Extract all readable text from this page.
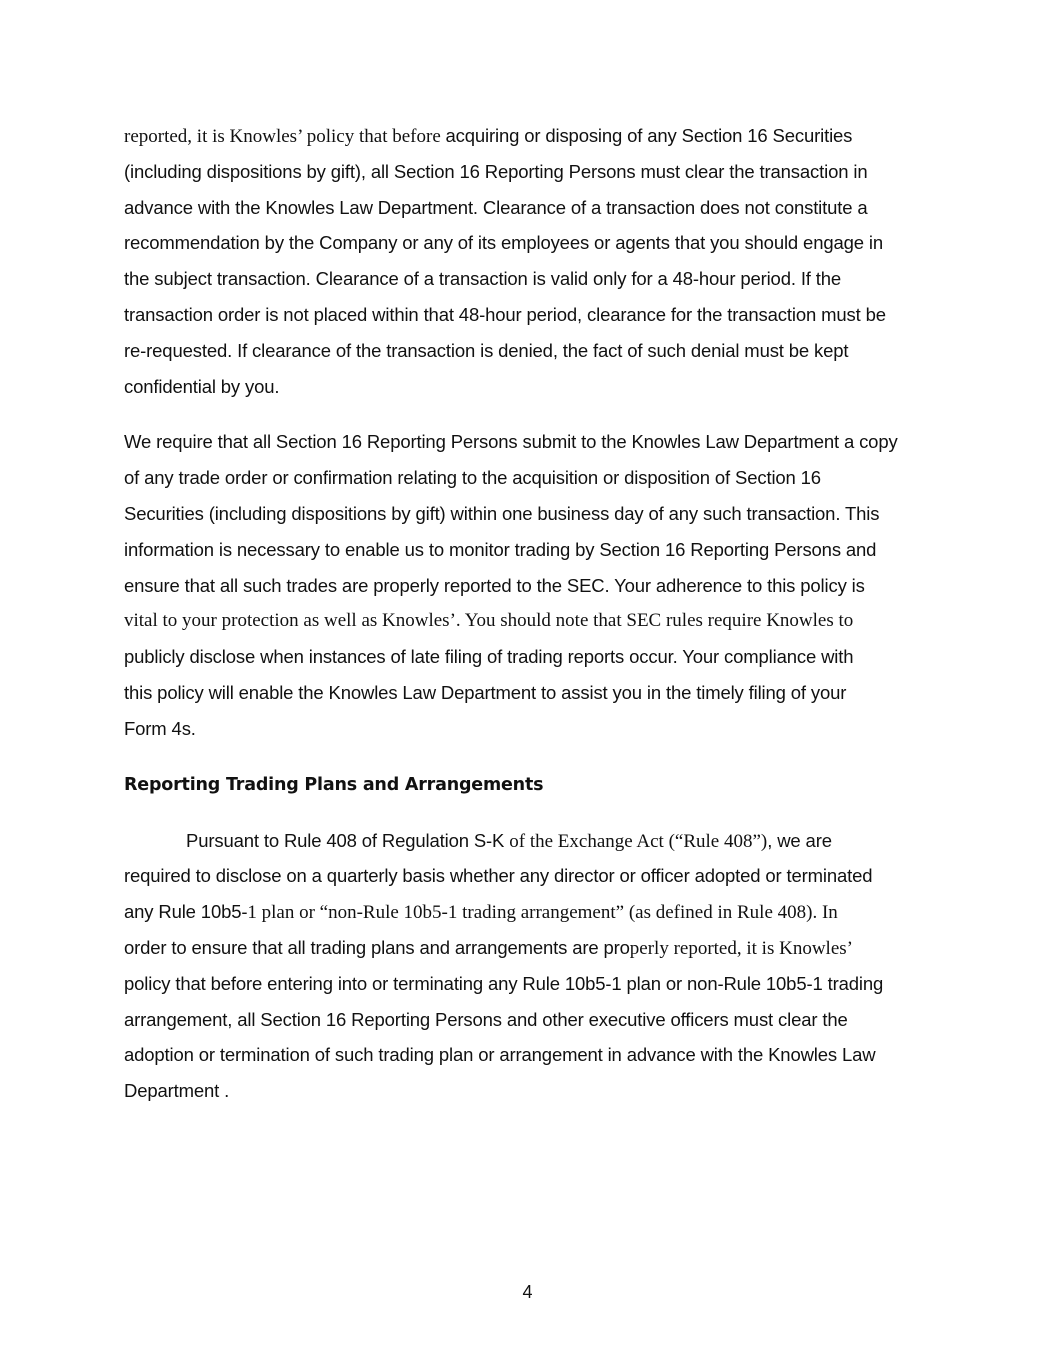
reported, it is Knowles’ policy that before acquiring or disposing of any Section 16 Securities
(including dispositions by gift), all Section 16 Reporting Persons must clear the transaction in
advance with the Knowles Law Department. Clearance of a transaction does not constitute a
recommendation by the Company or any of its employees or agents that you should engage in
the subject transaction. Clearance of a transaction is valid only for a 48-hour period. If the
transaction order is not placed within that 48-hour period, clearance for the transaction must be
re-requested. If clearance of the transaction is denied, the fact of such denial must be kept
confidential by you.

We require that all Section 16 Reporting Persons submit to the Knowles Law Department a copy
of any trade order or confirmation relating to the acquisition or disposition of Section 16
Securities (including dispositions by gift) within one business day of any such transaction. This
information is necessary to enable us to monitor trading by Section 16 Reporting Persons and
ensure that all such trades are properly reported to the SEC. Your adherence to this policy is
vital to your protection as well as Knowles’. You should note that SEC rules require Knowles to
publicly disclose when instances of late filing of trading reports occur. Your compliance with
this policy will enable the Knowles Law Department to assist you in the timely filing of your
Form 4s.

Reporting Trading Plans and Arrangements

Pursuant to Rule 408 of Regulation S-K of the Exchange Act (“Rule 408”), we are
required to disclose on a quarterly basis whether any director or officer adopted or terminated
any Rule 10b5-1 plan or “non-Rule 10b5-1 trading arrangement” (as defined in Rule 408). In
order to ensure that all trading plans and arrangements are properly reported, it is Knowles’
policy that before entering into or terminating any Rule 10b5-1 plan or non-Rule 10b5-1 trading
arrangement, all Section 16 Reporting Persons and other executive officers must clear the
adoption or termination of such trading plan or arrangement in advance with the Knowles Law
Department .

4
